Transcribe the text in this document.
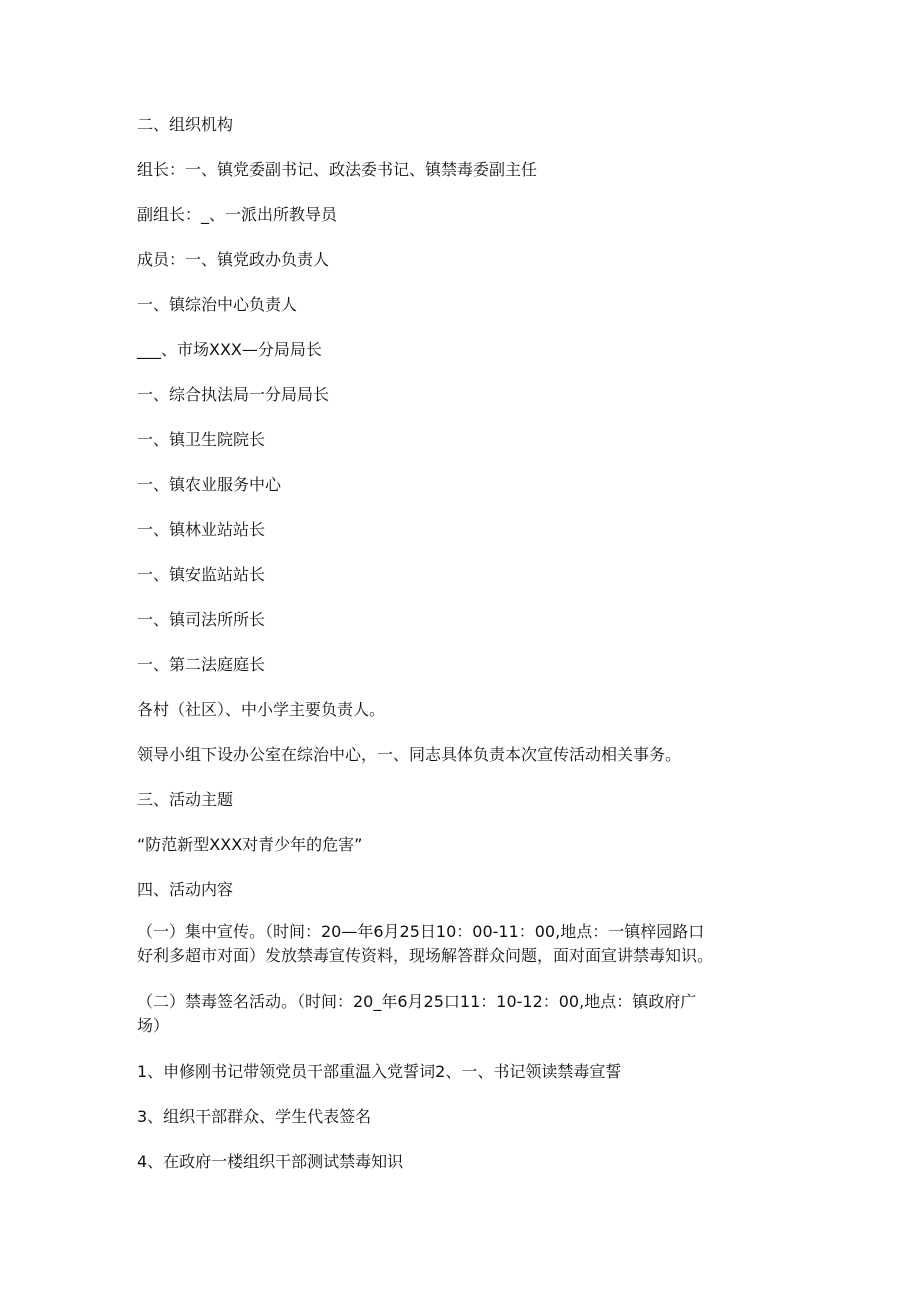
二、组织机构
组长：一、镇党委副书记、政法委书记、镇禁毒委副主任
副组长：_、一派出所教导员
成员：一、镇党政办负责人
一、镇综治中心负责人
___、市场XXX—分局局长
一、综合执法局一分局局长
一、镇卫生院院长
一、镇农业服务中心
一、镇林业站站长
一、镇安监站站长
一、镇司法所所长
一、第二法庭庭长
各村（社区）、中小学主要负责人。
领导小组下设办公室在综治中心，一、同志具体负责本次宣传活动相关事务。
三、活动主题
“防范新型XXX对青少年的危害”
四、活动内容
（一）集中宣传。（时间：20—年6月25日10：00-11：00,地点：一镇梓园路口
好利多超市对面）发放禁毒宣传资料，现场解答群众问题，面对面宣讲禁毒知识。
（二）禁毒签名活动。（时间：20_年6月25口11：10-12：00,地点：镇政府广
场）
1、申修刚书记带领党员干部重温入党誓词2、一、书记领读禁毒宣誓
3、组织干部群众、学生代表签名
4、在政府一楼组织干部测试禁毒知识
